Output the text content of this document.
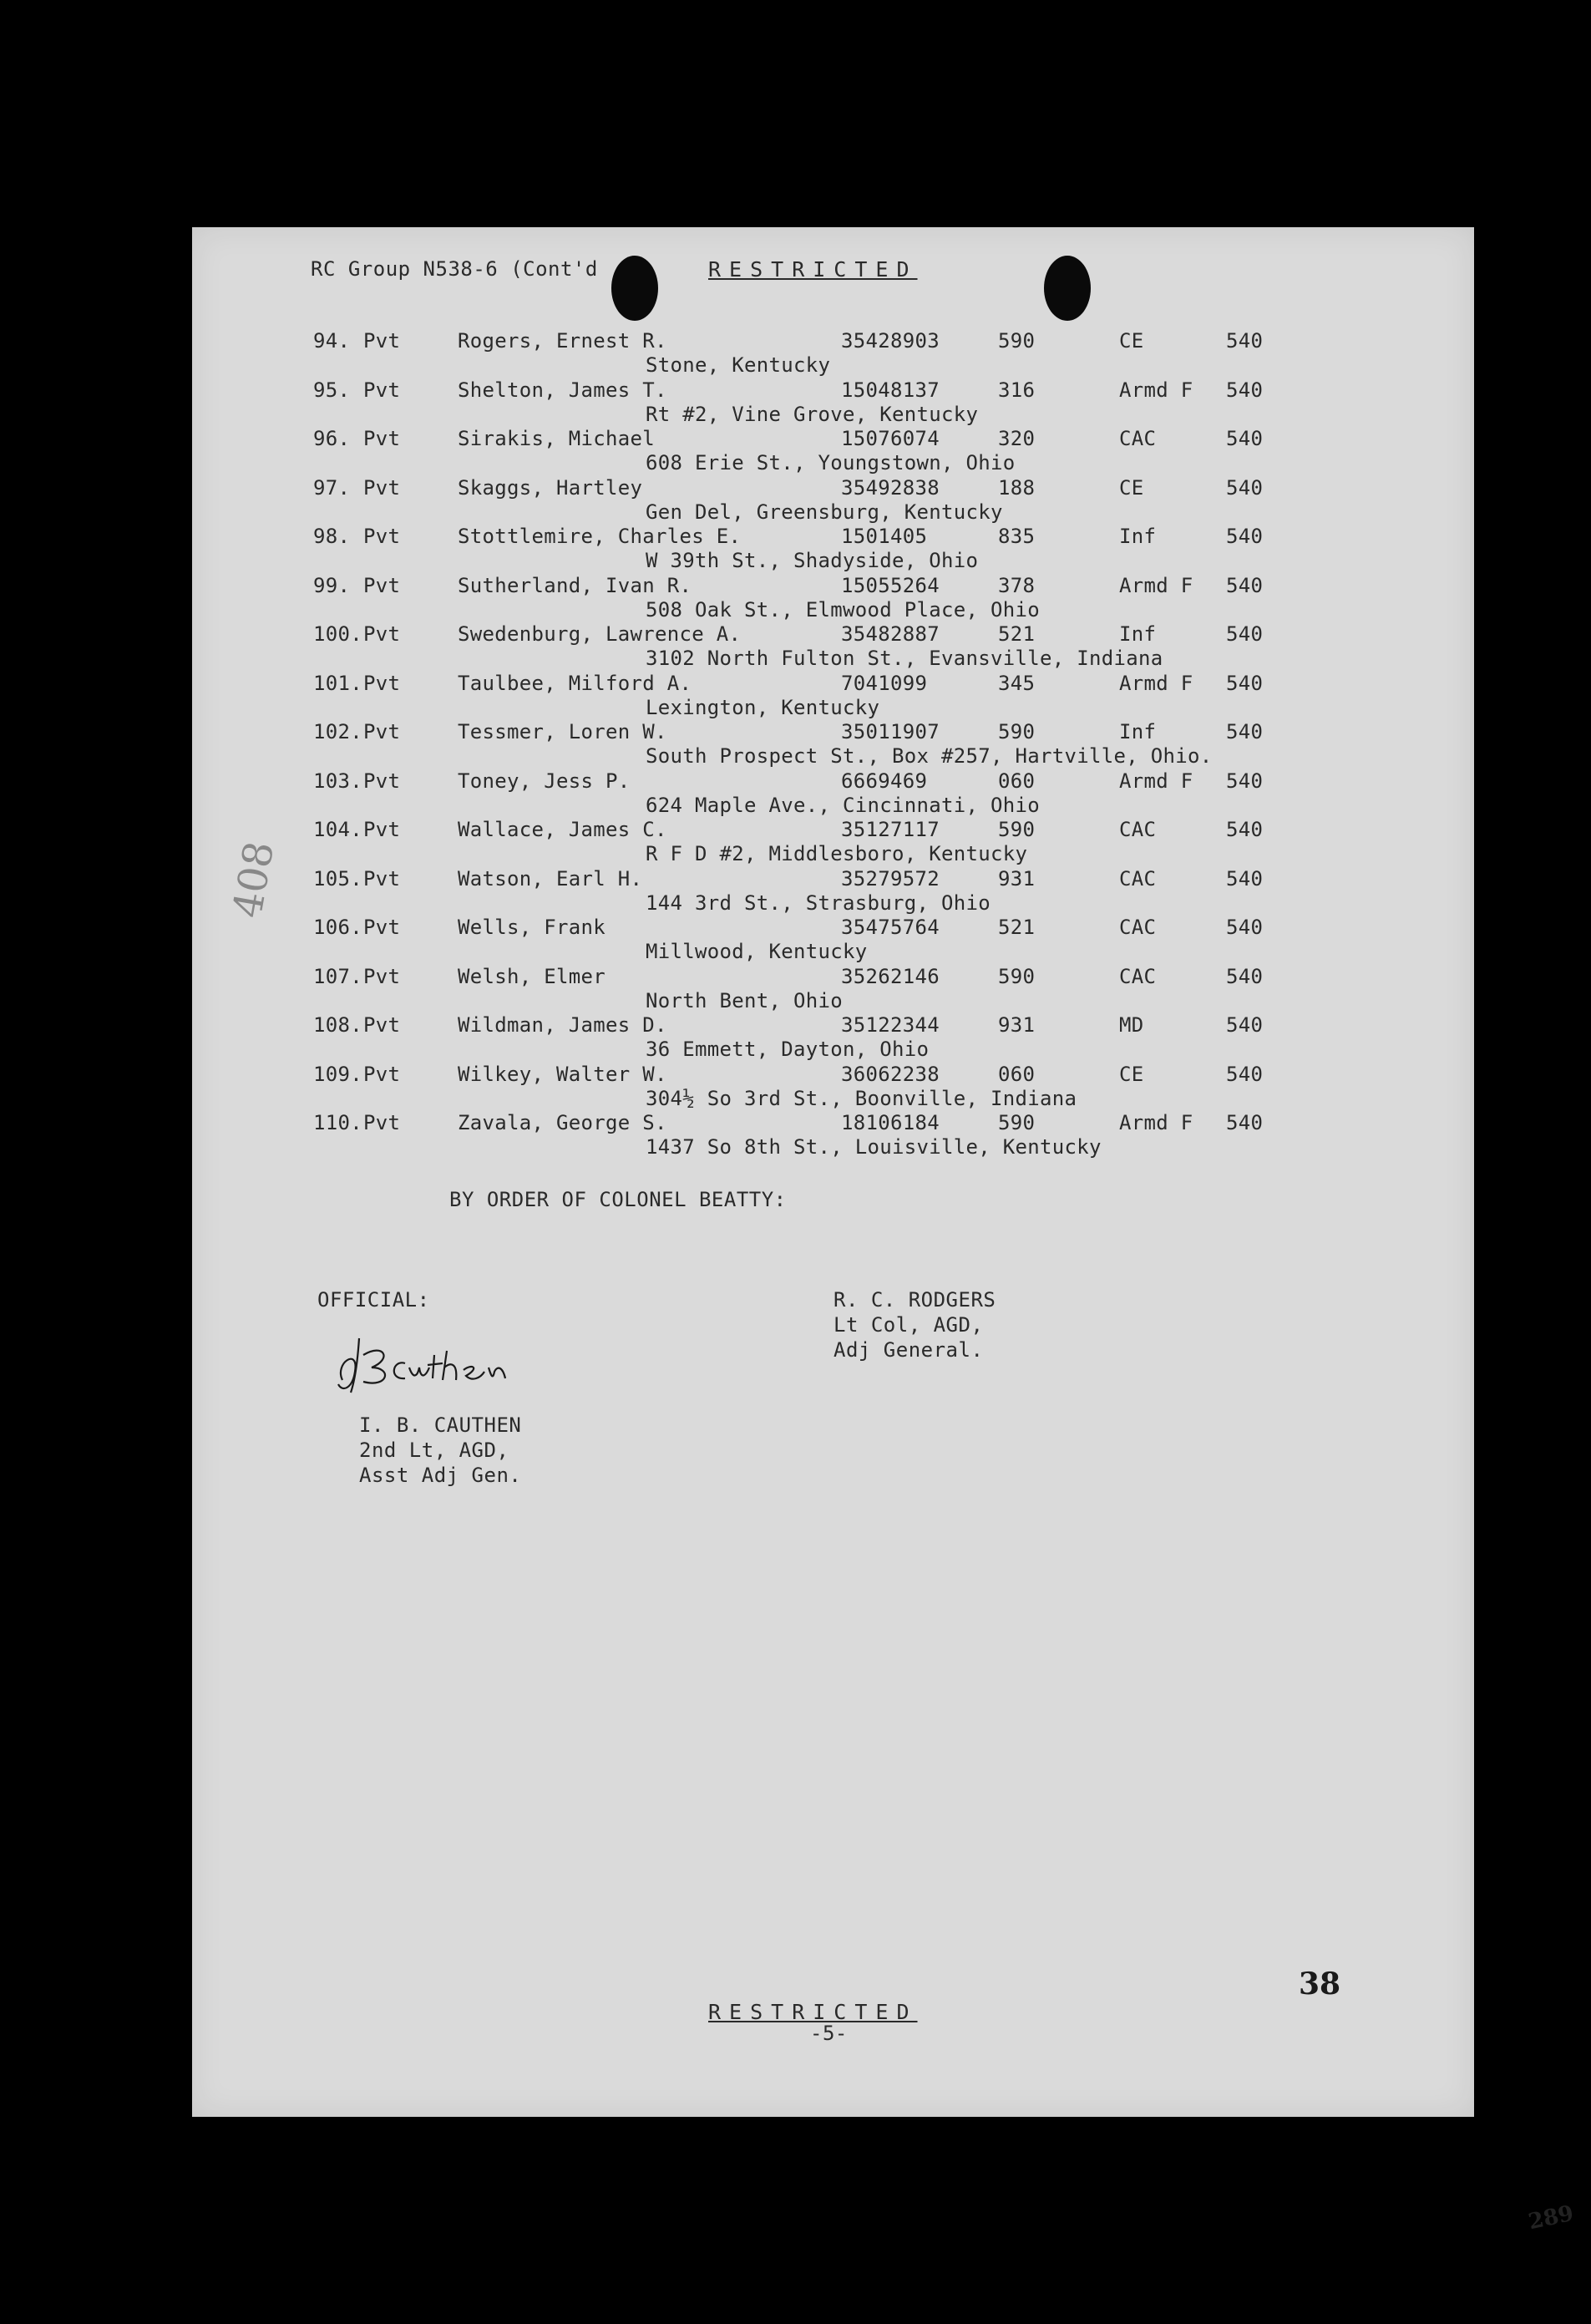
RC Group N538-6 (Cont'd	RESTRICTED
94. Pvt	Rogers, Ernest R.	35428903	590	CE	540
Stone, Kentucky
95. Pvt	Shelton, James T.	15048137	316	Armd F 540
Rt #2, Vine Grove, Kentucky
96. Pvt	Sirakis, Michael	15076074	320	CAC	540
608 Erie St., Youngstown, Ohio
97. Pvt	Skaggs, Hartley	35492838	188	CE	540
Gen Del, Greensburg, Kentucky
98. Pvt	Stottlemire, Charles E.	1501405	835	Inf	540
W 39th St., Shadyside, Ohio
99. Pvt	Sutherland, Ivan R.	15055264	378	Armd F 540
508 Oak St., Elmwood Place, Ohio
100. Pvt	Swedenburg, Lawrence A.	35482887	521	Inf	540
3102 North Fulton St., Evansville, Indiana
101. Pvt	Taulbee, Milford A.	7041099	345	Armd F 540
Lexington, Kentucky
102. Pvt	Tessmer, Loren W.	35011907	590	Inf	540
South Prospect St., Box #257, Hartville, Ohio.
103. Pvt	Toney, Jess P.	6669469	060	Armd F 540
624 Maple Ave., Cincinnati, Ohio
104. Pvt	Wallace, James C.	35127117	590	CAC	540
R F D #2, Middlesboro, Kentucky
105. Pvt	Watson, Earl H.	35279572	931	CAC	540
144 3rd St., Strasburg, Ohio
106. Pvt	Wells, Frank	35475764	521	CAC	540
Millwood, Kentucky
107. Pvt	Welsh, Elmer	35262146	590	CAC	540
North Bent, Ohio
108. Pvt	Wildman, James D.	35122344	931	MD	540
36 Emmett, Dayton, Ohio
109. Pvt	Wilkey, Walter W.	36062238	060	CE	540
304½ So 3rd St., Boonville, Indiana
110. Pvt	Zavala, George S.	18106184	590	Armd F 540
1437 So 8th St., Louisville, Kentucky
BY ORDER OF COLONEL BEATTY:
OFFICIAL:	R. C. RODGERS
Lt Col, AGD,
Adj General.
I. B. CAUTHEN
2nd Lt, AGD,
Asst Adj Gen.
38
289
RESTRICTED
-5-
408
